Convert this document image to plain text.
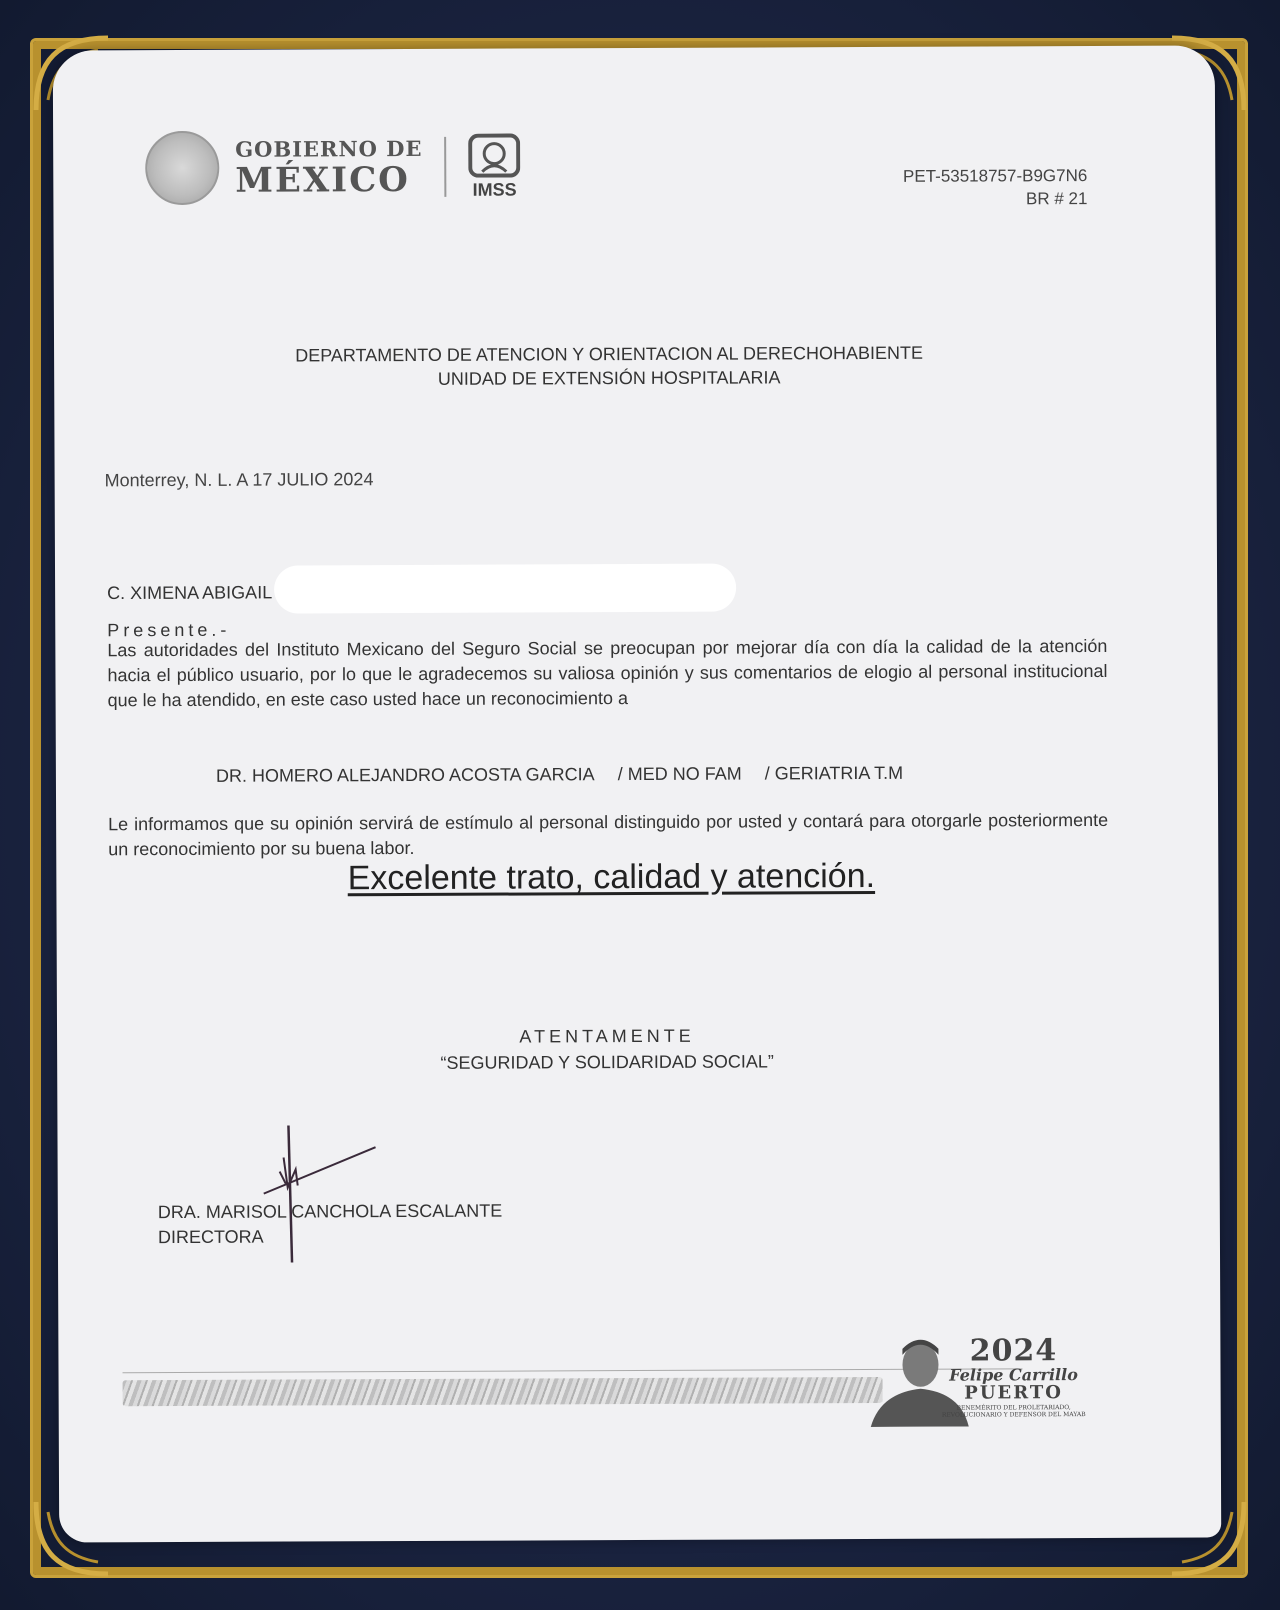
GOBIERNO DE
MÉXICO	IMSS
PET-53518757-B9G7N6
BR # 21
DEPARTAMENTO DE ATENCION Y ORIENTACION AL DERECHOHABIENTE
UNIDAD DE EXTENSIÓN HOSPITALARIA
Monterrey, N. L. A 17 JULIO 2024
C. XIMENA ABIGAIL
Presente.-
Las autoridades del Instituto Mexicano del Seguro Social se preocupan por mejorar día con día la calidad de la atención hacia el público usuario, por lo que le agradecemos su valiosa opinión y sus comentarios de elogio al personal institucional que le ha atendido, en este caso usted hace un reconocimiento a
DR. HOMERO ALEJANDRO ACOSTA GARCIA / MED NO FAM / GERIATRIA T.M
Le informamos que su opinión servirá de estímulo al personal distinguido por usted y contará para otorgarle posteriormente un reconocimiento por su buena labor.
Excelente trato, calidad y atención.
ATENTAMENTE
“SEGURIDAD Y SOLIDARIDAD SOCIAL”
DRA. MARISOL CANCHOLA ESCALANTE
DIRECTORA
2024
Felipe Carrillo
PUERTO
BENEMÉRITO DEL PROLETARIADO, REVOLUCIONARIO Y DEFENSOR DEL MAYAB
